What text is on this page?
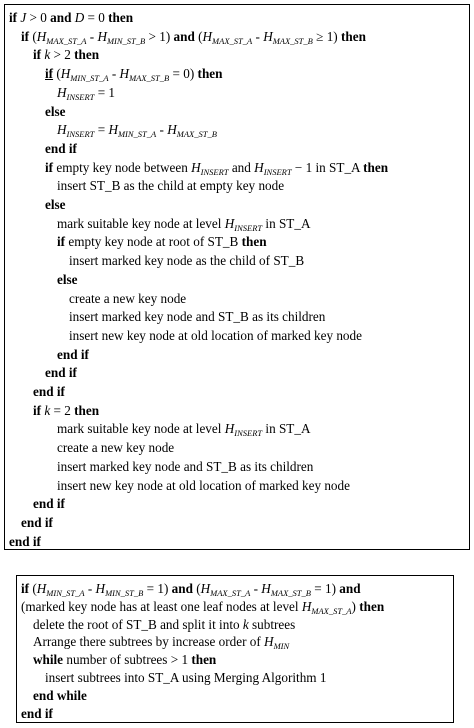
if J > 0 and D = 0 then
if $(H_{MAX\_ST\_A} - H_{MIN\_ST\_B} > 1)$ and $(H_{MAX\_ST\_A} - H_{MAX\_ST\_B} \ge 1)$ then
if k > 2 then
if $(H_{MIN\_ST\_A} - H_{MAX\_ST\_B} = 0)$ then
$H_{INSERT} = 1$
else
$H_{INSERT} = H_{MIN\_ST\_A} - H_{MAX\_ST\_B}$
end if
if empty key node between $H_{INSERT}$ and $H_{INSERT} - 1$ in ST_A then
insert ST_B as the child at empty key node
else
mark suitable key node at level $H_{INSERT}$ in ST_A
if empty key node at root of ST_B then
insert marked key node as the child of ST_B
else
create a new key node
insert marked key node and ST_B as its children
insert new key node at old location of marked key node
end if
end if
end if
if k = 2 then
mark suitable key node at level $H_{INSERT}$ in ST_A
create a new key node
insert marked key node and ST_B as its children
insert new key node at old location of marked key node
end if
end if
end if
if $(H_{MIN\_ST\_A} - H_{MIN\_ST\_B} = 1)$ and $(H_{MAX\_ST\_A} - H_{MAX\_ST\_B} = 1)$ and
(marked key node has at least one leaf nodes at level $H_{MAX\_ST\_A}$) then
delete the root of ST_B and split it into k subtrees
Arrange there subtrees by increase order of $H_{MIN}$
while number of subtrees > 1 then
insert subtrees into ST_A using Merging Algorithm 1
end while
end if
